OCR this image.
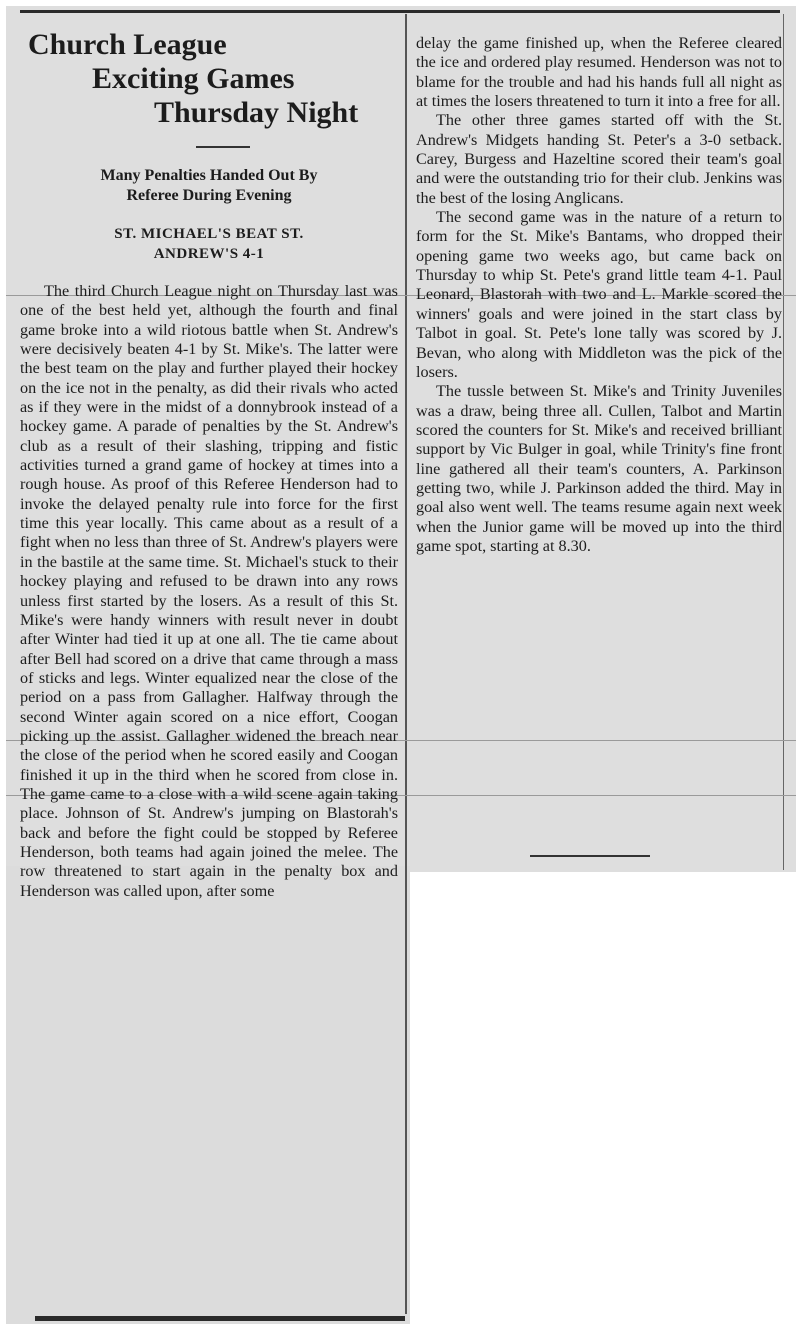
Church League
Exciting Games
Thursday Night
Many Penalties Handed Out By
Referee During Evening
ST. MICHAEL'S BEAT ST.
ANDREW'S 4-1

The third Church League night on Thursday last was one of the best held yet, although the fourth and final game broke into a wild riotous battle when St. Andrew's were decisively beaten 4-1 by St. Mike's. The latter were the best team on the play and further played their hockey on the ice not in the penalty, as did their rivals who acted as if they were in the midst of a donnybrook instead of a hockey game. A parade of penalties by the St. Andrew's club as a result of their slashing, tripping and fistic activities turned a grand game of hockey at times into a rough house. As proof of this Referee Henderson had to invoke the delayed penalty rule into force for the first time this year locally. This came about as a result of a fight when no less than three of St. Andrew's players were in the bastile at the same time. St. Michael's stuck to their hockey playing and refused to be drawn into any rows unless first started by the losers. As a result of this St. Mike's were handy winners with result never in doubt after Winter had tied it up at one all. The tie came about after Bell had scored on a drive that came through a mass of sticks and legs. Winter equalized near the close of the period on a pass from Gallagher. Halfway through the second Winter again scored on a nice effort, Coogan picking up the assist. Gallagher widened the breach near the close of the period when he scored easily and Coogan finished it up in the third when he scored from close in. The game came to a close with a wild scene again taking place. Johnson of St. Andrew's jumping on Blastorah's back and before the fight could be stopped by Referee Henderson, both teams had again joined the melee. The row threatened to start again in the penalty box and Henderson was called upon, after some

delay the game finished up, when the Referee cleared the ice and ordered play resumed. Henderson was not to blame for the trouble and had his hands full all night as at times the losers threatened to turn it into a free for all.

The other three games started off with the St. Andrew's Midgets handing St. Peter's a 3-0 setback. Carey, Burgess and Hazeltine scored their team's goal and were the outstanding trio for their club. Jenkins was the best of the losing Anglicans.

The second game was in the nature of a return to form for the St. Mike's Bantams, who dropped their opening game two weeks ago, but came back on Thursday to whip St. Pete's grand little team 4-1. Paul Leonard, Blastorah with two and L. Markle scored the winners' goals and were joined in the start class by Talbot in goal. St. Pete's lone tally was scored by J. Bevan, who along with Middleton was the pick of the losers.

The tussle between St. Mike's and Trinity Juveniles was a draw, being three all. Cullen, Talbot and Martin scored the counters for St. Mike's and received brilliant support by Vic Bulger in goal, while Trinity's fine front line gathered all their team's counters, A. Parkinson getting two, while J. Parkinson added the third. May in goal also went well. The teams resume again next week when the Junior game will be moved up into the third game spot, starting at 8.30.
